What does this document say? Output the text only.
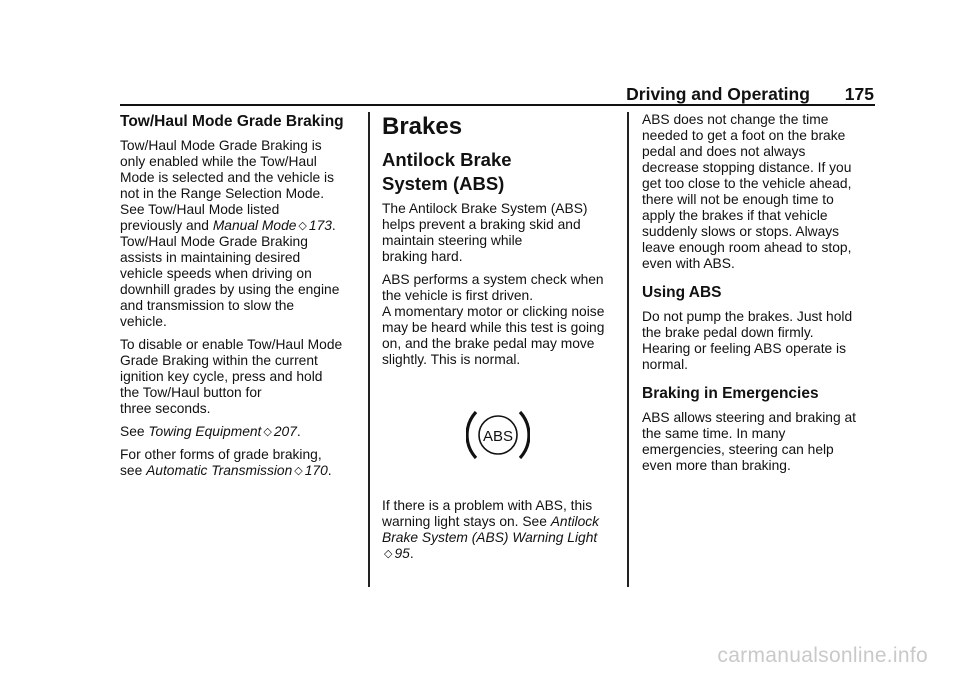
Driving and Operating 175
Tow/Haul Mode Grade Braking

Tow/Haul Mode Grade Braking is
only enabled while the Tow/Haul
Mode is selected and the vehicle is
not in the Range Selection Mode.
See Tow/Haul Mode listed
previously and Manual Mode ◇ 173.
Tow/Haul Mode Grade Braking
assists in maintaining desired
vehicle speeds when driving on
downhill grades by using the engine
and transmission to slow the
vehicle.

To disable or enable Tow/Haul Mode
Grade Braking within the current
ignition key cycle, press and hold
the Tow/Haul button for
three seconds.

See Towing Equipment ◇ 207.

For other forms of grade braking,
see Automatic Transmission ◇ 170.

Brakes
Antilock Brake
System (ABS)

The Antilock Brake System (ABS)
helps prevent a braking skid and
maintain steering while
braking hard.

ABS performs a system check when
the vehicle is first driven.
A momentary motor or clicking noise
may be heard while this test is going
on, and the brake pedal may move
slightly. This is normal.

ABS

If there is a problem with ABS, this
warning light stays on. See Antilock
Brake System (ABS) Warning Light
◇ 95.

ABS does not change the time
needed to get a foot on the brake
pedal and does not always
decrease stopping distance. If you
get too close to the vehicle ahead,
there will not be enough time to
apply the brakes if that vehicle
suddenly slows or stops. Always
leave enough room ahead to stop,
even with ABS.

Using ABS

Do not pump the brakes. Just hold
the brake pedal down firmly.
Hearing or feeling ABS operate is
normal.

Braking in Emergencies

ABS allows steering and braking at
the same time. In many
emergencies, steering can help
even more than braking.

carmanualsonline.info
